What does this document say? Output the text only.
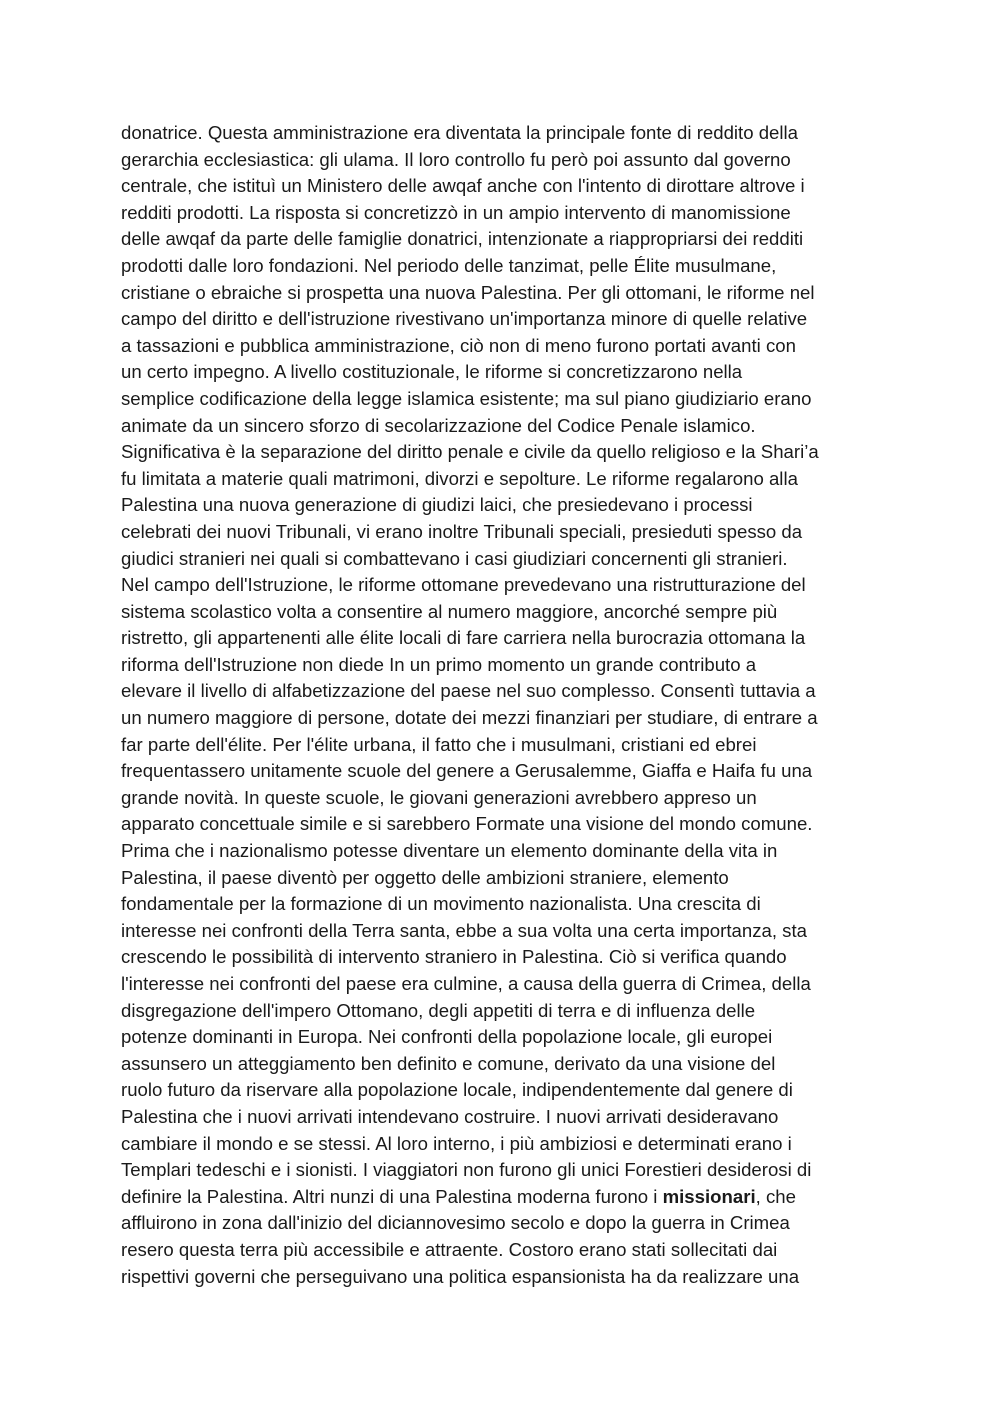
donatrice. Questa amministrazione era diventata la principale fonte di reddito della
gerarchia ecclesiastica: gli ulama. Il loro controllo fu però poi assunto dal governo
centrale, che istituì un Ministero delle awqaf anche con l'intento di dirottare altrove i
redditi prodotti. La risposta si concretizzò in un ampio intervento di manomissione
delle awqaf da parte delle famiglie donatrici, intenzionate a riappropriarsi dei redditi
prodotti dalle loro fondazioni. Nel periodo delle tanzimat, pelle Élite musulmane,
cristiane o ebraiche si prospetta una nuova Palestina. Per gli ottomani, le riforme nel
campo del diritto e dell'istruzione rivestivano un'importanza minore di quelle relative
a tassazioni e pubblica amministrazione, ciò non di meno furono portati avanti con
un certo impegno. A livello costituzionale, le riforme si concretizzarono nella
semplice codificazione della legge islamica esistente; ma sul piano giudiziario erano
animate da un sincero sforzo di secolarizzazione del Codice Penale islamico.
Significativa è la separazione del diritto penale e civile da quello religioso e la Shari’a
fu limitata a materie quali matrimoni, divorzi e sepolture. Le riforme regalarono alla
Palestina una nuova generazione di giudizi laici, che presiedevano i processi
celebrati dei nuovi Tribunali, vi erano inoltre Tribunali speciali, presieduti spesso da
giudici stranieri nei quali si combattevano i casi giudiziari concernenti gli stranieri.
Nel campo dell'Istruzione, le riforme ottomane prevedevano una ristrutturazione del
sistema scolastico volta a consentire al numero maggiore, ancorché sempre più
ristretto, gli appartenenti alle élite locali di fare carriera nella burocrazia ottomana la
riforma dell'Istruzione non diede In un primo momento un grande contributo a
elevare il livello di alfabetizzazione del paese nel suo complesso. Consentì tuttavia a
un numero maggiore di persone, dotate dei mezzi finanziari per studiare, di entrare a
far parte dell'élite. Per l'élite urbana, il fatto che i musulmani, cristiani ed ebrei
frequentassero unitamente scuole del genere a Gerusalemme, Giaffa e Haifa fu una
grande novità. In queste scuole, le giovani generazioni avrebbero appreso un
apparato concettuale simile e si sarebbero Formate una visione del mondo comune.
Prima che i nazionalismo potesse diventare un elemento dominante della vita in
Palestina, il paese diventò per oggetto delle ambizioni straniere, elemento
fondamentale per la formazione di un movimento nazionalista. Una crescita di
interesse nei confronti della Terra santa, ebbe a sua volta una certa importanza, sta
crescendo le possibilità di intervento straniero in Palestina. Ciò si verifica quando
l'interesse nei confronti del paese era culmine, a causa della guerra di Crimea, della
disgregazione dell'impero Ottomano, degli appetiti di terra e di influenza delle
potenze dominanti in Europa. Nei confronti della popolazione locale, gli europei
assunsero un atteggiamento ben definito e comune, derivato da una visione del
ruolo futuro da riservare alla popolazione locale, indipendentemente dal genere di
Palestina che i nuovi arrivati intendevano costruire. I nuovi arrivati desideravano
cambiare il mondo e se stessi. Al loro interno, i più ambiziosi e determinati erano i
Templari tedeschi e i sionisti. I viaggiatori non furono gli unici Forestieri desiderosi di
definire la Palestina. Altri nunzi di una Palestina moderna furono i missionari, che
affluirono in zona dall'inizio del diciannovesimo secolo e dopo la guerra in Crimea
resero questa terra più accessibile e attraente. Costoro erano stati sollecitati dai
rispettivi governi che perseguivano una politica espansionista ha da realizzare una
